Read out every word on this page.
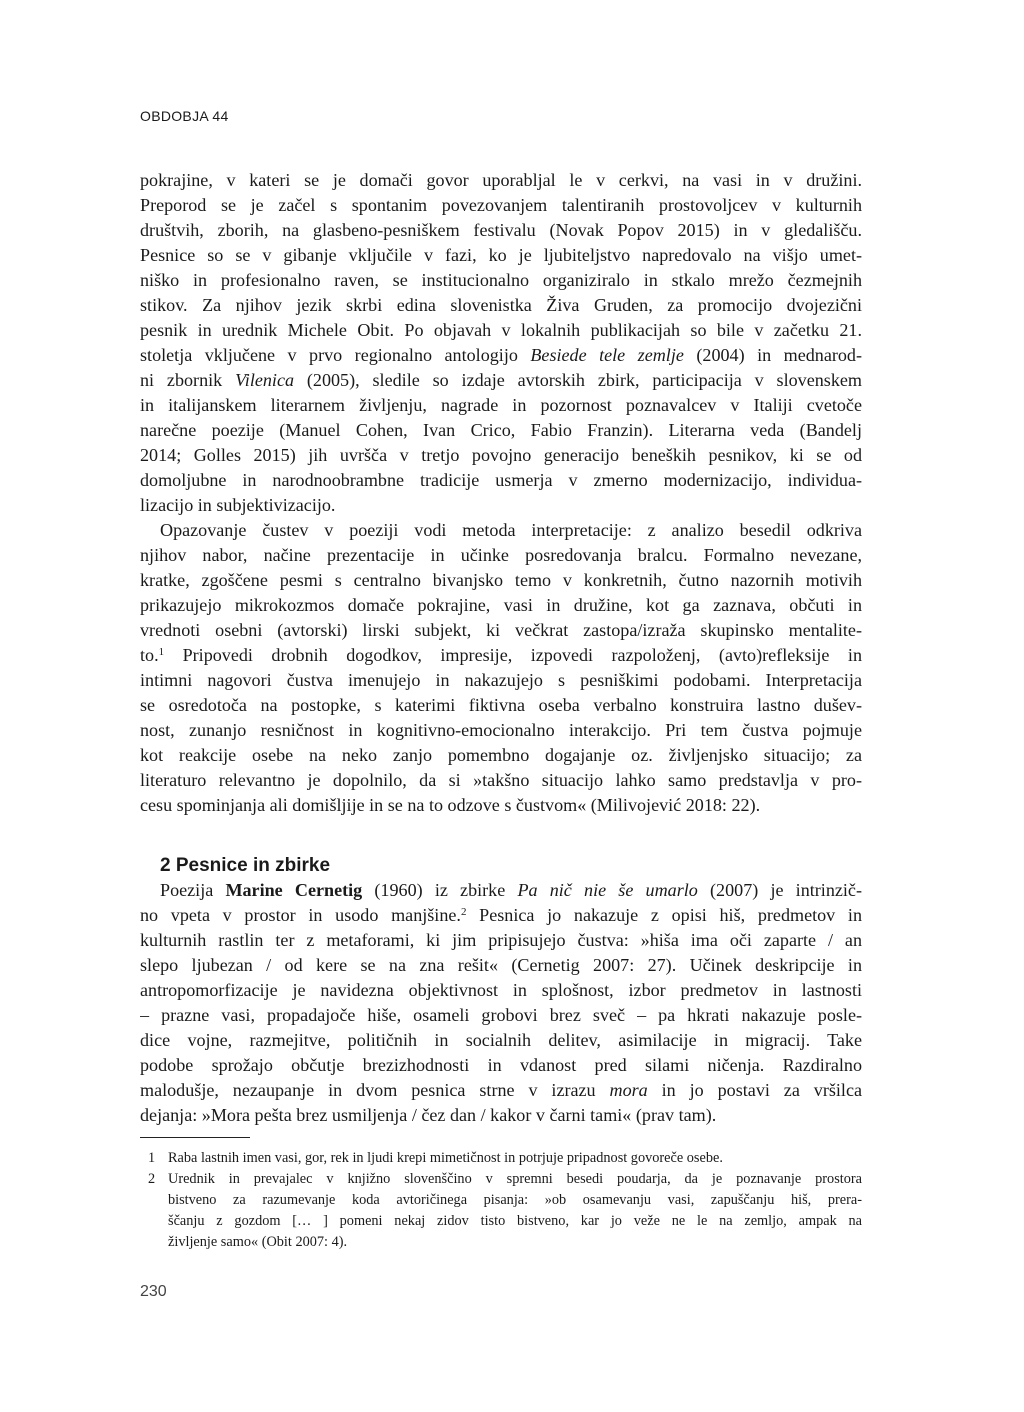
OBDOBJA 44
pokrajine, v kateri se je domači govor uporabljal le v cerkvi, na vasi in v družini.
Preporod se je začel s spontanim povezovanjem talentiranih prostovoljcev v kulturnih
društvih, zborih, na glasbeno-pesniškem festivalu (Novak Popov 2015) in v gledališču.
Pesnice so se v gibanje vključile v fazi, ko je ljubiteljstvo napredovalo na višjo umet-
niško in profesionalno raven, se institucionalno organiziralo in stkalo mrežo čezmejnih
stikov. Za njihov jezik skrbi edina slovenistka Živa Gruden, za promocijo dvojezični
pesnik in urednik Michele Obit. Po objavah v lokalnih publikacijah so bile v začetku 21.
stoletja vključene v prvo regionalno antologijo Besiede tele zemlje (2004) in mednarod-
ni zbornik Vilenica (2005), sledile so izdaje avtorskih zbirk, participacija v slovenskem
in italijanskem literarnem življenju, nagrade in pozornost poznavalcev v Italiji cvetoče
narečne poezije (Manuel Cohen, Ivan Crico, Fabio Franzin). Literarna veda (Bandelj
2014; Golles 2015) jih uvršča v tretjo povojno generacijo beneških pesnikov, ki se od
domoljubne in narodnoobrambne tradicije usmerja v zmerno modernizacijo, individua-
lizacijo in subjektivizacijo.
Opazovanje čustev v poeziji vodi metoda interpretacije: z analizo besedil odkriva
njihov nabor, načine prezentacije in učinke posredovanja bralcu. Formalno nevezane,
kratke, zgoščene pesmi s centralno bivanjsko temo v konkretnih, čutno nazornih motivih
prikazujejo mikrokozmos domače pokrajine, vasi in družine, kot ga zaznava, občuti in
vrednoti osebni (avtorski) lirski subjekt, ki večkrat zastopa/izraža skupinsko mentalite-
to.$^1$ Pripovedi drobnih dogodkov, impresije, izpovedi razpoloženj, (avto)refleksije in
intimni nagovori čustva imenujejo in nakazujejo s pesniškimi podobami. Interpretacija
se osredotoča na postopke, s katerimi fiktivna oseba verbalno konstruira lastno dušev-
nost, zunanjo resničnost in kognitivno-emocionalno interakcijo. Pri tem čustva pojmuje
kot reakcije osebe na neko zanjo pomembno dogajanje oz. življenjsko situacijo; za
literaturo relevantno je dopolnilo, da si »takšno situacijo lahko samo predstavlja v pro-
cesu spominjanja ali domišljije in se na to odzove s čustvom« (Milivojević 2018: 22).
2 Pesnice in zbirke
Poezija Marine Cernetig (1960) iz zbirke Pa nič nie še umarlo (2007) je intrinzič-
no vpeta v prostor in usodo manjšine.$^2$ Pesnica jo nakazuje z opisi hiš, predmetov in
kulturnih rastlin ter z metaforami, ki jim pripisujejo čustva: »hiša ima oči zaparte / an
slepo ljubezan / od kere se na zna rešit« (Cernetig 2007: 27). Učinek deskripcije in
antropomorfizacije je navidezna objektivnost in splošnost, izbor predmetov in lastnosti
– prazne vasi, propadajoče hiše, osameli grobovi brez sveč – pa hkrati nakazuje posle-
dice vojne, razmejitve, političnih in socialnih delitev, asimilacije in migracij. Take
podobe sprožajo občutje brezizhodnosti in vdanost pred silami ničenja. Razdiralno
malodušje, nezaupanje in dvom pesnica strne v izrazu mora in jo postavi za vršilca
dejanja: »Mora pešta brez usmiljenja / čez dan / kakor v čarni tami« (prav tam).
1 Raba lastnih imen vasi, gor, rek in ljudi krepi mimetičnost in potrjuje pripadnost govoreče osebe.
2 Urednik in prevajalec v knjižno slovenščino v spremni besedi poudarja, da je poznavanje prostora
bistveno za razumevanje koda avtoričinega pisanja: »ob osamevanju vasi, zapuščanju hiš, prera-
ščanju z gozdom [… ] pomeni nekaj zidov tisto bistveno, kar jo veže ne le na zemljo, ampak na
življenje samo« (Obit 2007: 4).
230
